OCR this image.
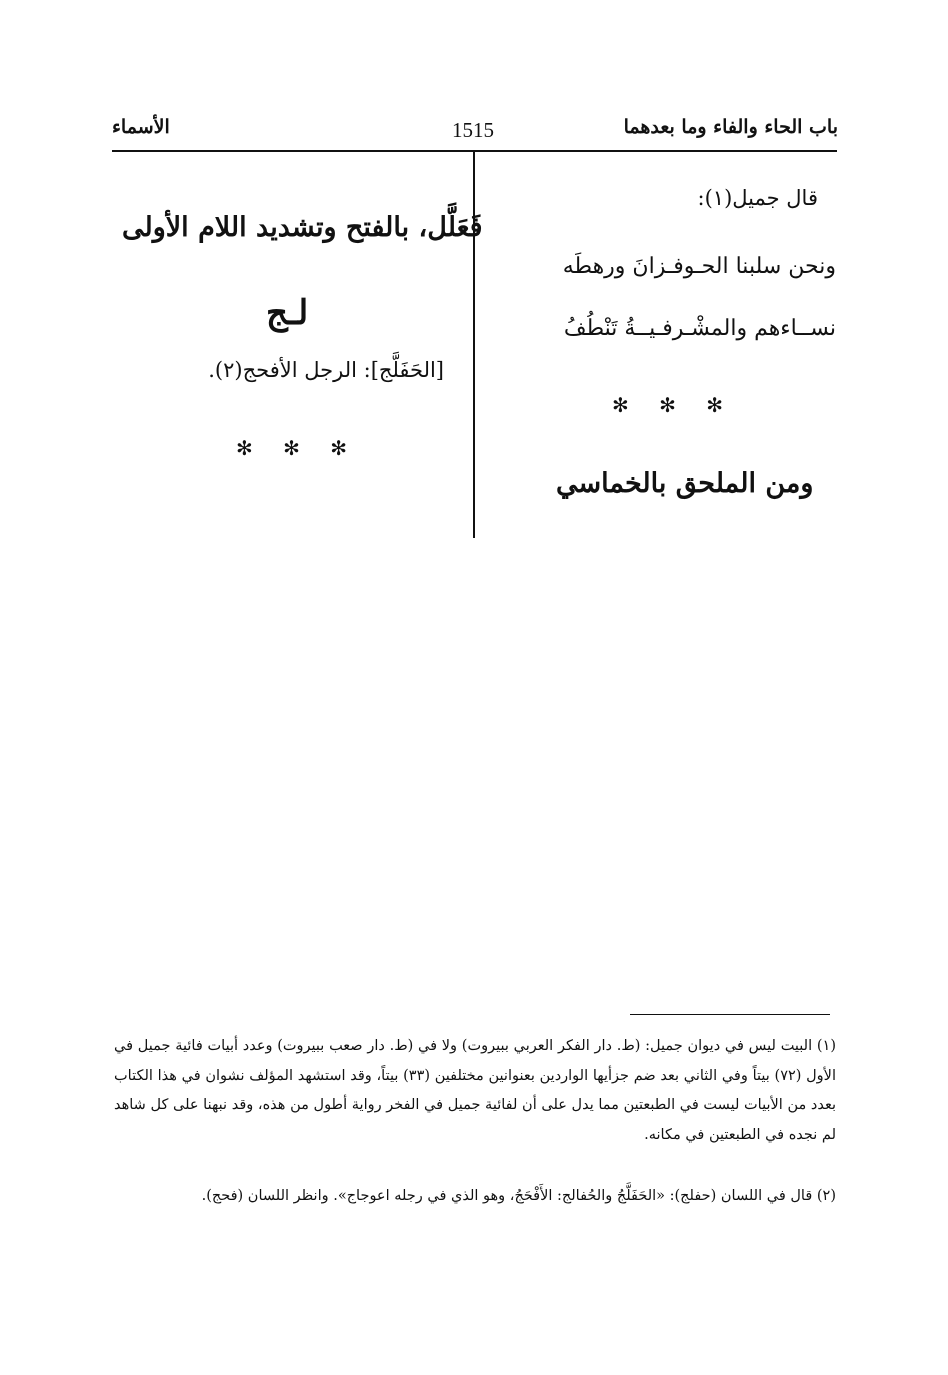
باب الحاء والفاء وما بعدهما
1515
الأسماء
قال جميل(١):
ونحن سلبنا الحـوفـزانَ ورهطَه
نســاءهم والمشْـرفـيــةُ تَنْطُفُ
✻ ✻ ✻
ومن الملحق بالخماسي
فَعَلَّل، بالفتح وتشديد اللام الأولى
لـج
[الحَفَلَّج]: الرجل الأفحج(٢).
✻ ✻ ✻
(١) البيت ليس في ديوان جميل: (ط. دار الفكر العربي ببيروت) ولا في (ط. دار صعب ببيروت) وعدد أبيات فائية جميل في الأول (٧٢) بيتاً وفي الثاني بعد ضم جزأيها الواردين بعنوانين مختلفين (٣٣) بيتاً، وقد استشهد المؤلف نشوان في هذا الكتاب بعدد من الأبيات ليست في الطبعتين مما يدل على أن لفائية جميل في الفخر رواية أطول من هذه، وقد نبهنا على كل شاهد لم نجده في الطبعتين في مكانه.
(٢) قال في اللسان (حفلج): «الحَفَلَّجُ والحُفالج: الأَفْحَجُ، وهو الذي في رجله اعوجاج». وانظر اللسان (فحج).
